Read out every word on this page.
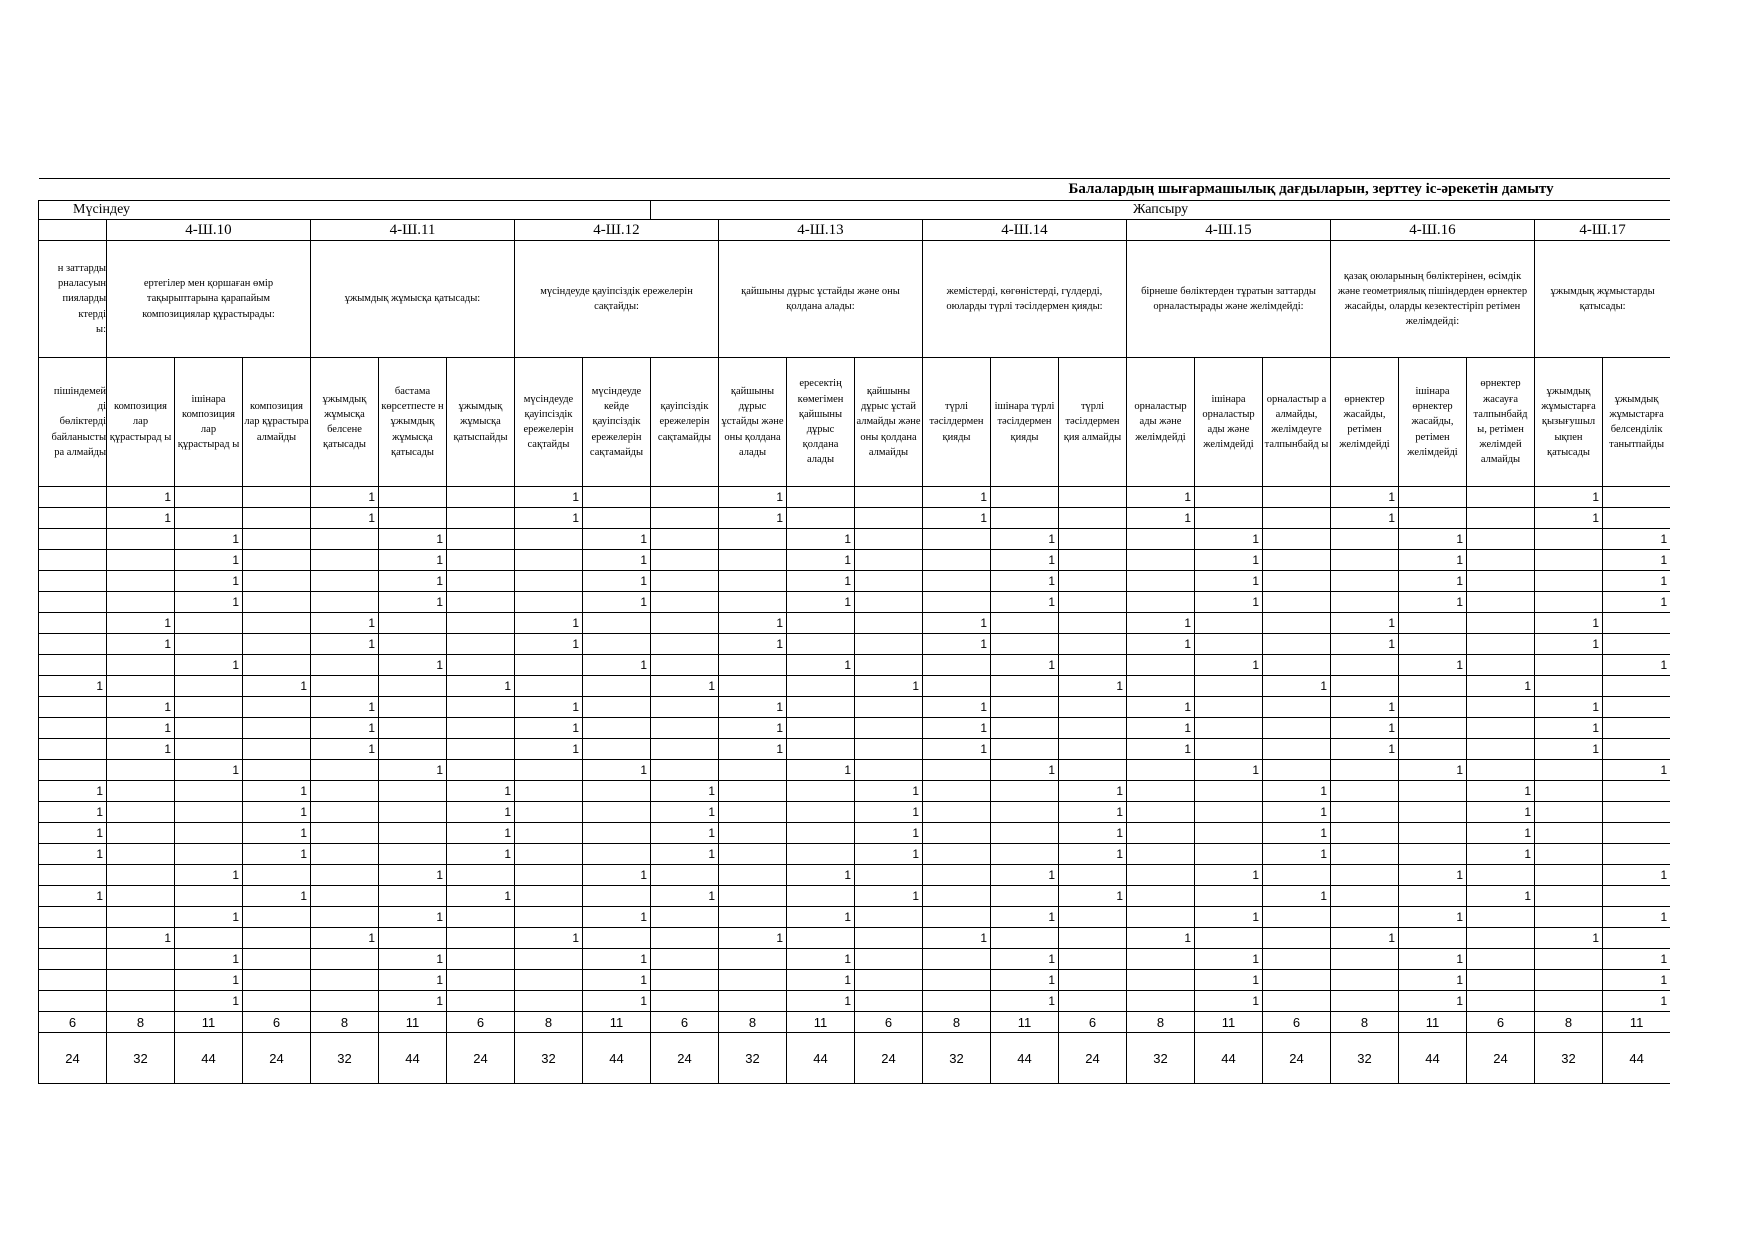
Балалардың шығармашылық дағдыларын, зерттеу іс-әрекетін дамыту																							
Мүсіндеу									Жапсыру														
	4-Ш.10			4-Ш.11			4-Ш.12			4-Ш.13			4-Ш.14			4-Ш.15			4-Ш.16			4-Ш.17	

н заттарды
рналасуын
пияларды
ктерді
ы:	ертегілер мен қоршаған өмір тақырыптарына қарапайым композициялар құрастырады:			ұжымдық жұмысқа қатысады:			мүсіндеуде қауіпсіздік ережелерін сақтайды:			қайшыны дұрыс ұстайды және оны қолдана алады:			жемістерді, көгөністерді, гүлдерді, оюларды түрлі тәсілдермен қияды:			бірнеше бөліктерден тұратын заттарды орналастырады және желімдейді:			қазақ оюларының бөліктерінен, өсімдік және геометриялық пішіндерден өрнектер жасайды, оларды кезектестіріп ретімен желімдейді:			ұжымдық жұмыстарды қатысады:	

пішіндемей
ді
бөліктерді
байланысты
ра алмайды	композиция лар құрастырад ы	ішінара композиция лар құрастырад ы	композиция лар құрастыра алмайды	ұжымдық жұмысқа белсене қатысады	бастама көрсетпесте н ұжымдық жұмысқа қатысады	ұжымдық жұмысқа қатыспайды	мүсіндеуде қауіпсіздік ережелерін сақтайды	мүсіндеуде кейде қауіпсіздік ережелерін сақтамайды	қауіпсіздік ережелерін сақтамайды	қайшыны дұрыс ұстайды және оны қолдана алады	ересектің көмегімен қайшыны дұрыс қолдана алады	қайшыны дұрыс ұстай алмайды және оны қолдана алмайды	түрлі тәсілдермен қияды	ішінара түрлі тәсілдермен қияды	түрлі тәсілдермен қия алмайды	орналастыр ады және желімдейді	ішінара орналастыр ады және желімдейді	орналастыр а алмайды, желімдеуге талпынбайд ы	өрнектер жасайды, ретімен желімдейді	ішінара өрнектер жасайды, ретімен желімдейді	өрнектер жасауға талпынбайд ы, ретімен желімдей алмайды	ұжымдық жұмыстарға қызығушыл ықпен қатысады	ұжымдық жұмыстарға белсенділік танытпайды
	1			1			1			1			1			1			1			1	
	1			1			1			1			1			1			1			1	
		1			1			1			1			1			1			1			1
		1			1			1			1			1			1			1			1
		1			1			1			1			1			1			1			1
		1			1			1			1			1			1			1			1
	1			1			1			1			1			1			1			1	
	1			1			1			1			1			1			1			1	
		1			1			1			1			1			1			1			1
1			1			1			1			1			1			1			1		
	1			1			1			1			1			1			1			1	
	1			1			1			1			1			1			1			1	
	1			1			1			1			1			1			1			1	
		1			1			1			1			1			1			1			1
1			1			1			1			1			1			1			1		
1			1			1			1			1			1			1			1		
1			1			1			1			1			1			1			1		
1			1			1			1			1			1			1			1		
		1			1			1			1			1			1			1			1
1			1			1			1			1			1			1			1		
		1			1			1			1			1			1			1			1
	1			1			1			1			1			1			1			1	
		1			1			1			1			1			1			1			1
		1			1			1			1			1			1			1			1
		1			1			1			1			1			1			1			1
6	8	11	6	8	11	6	8	11	6	8	11	6	8	11	6	8	11	6	8	11	6	8	11
24	32	44	24	32	44	24	32	44	24	32	44	24	32	44	24	32	44	24	32	44	24	32	44
